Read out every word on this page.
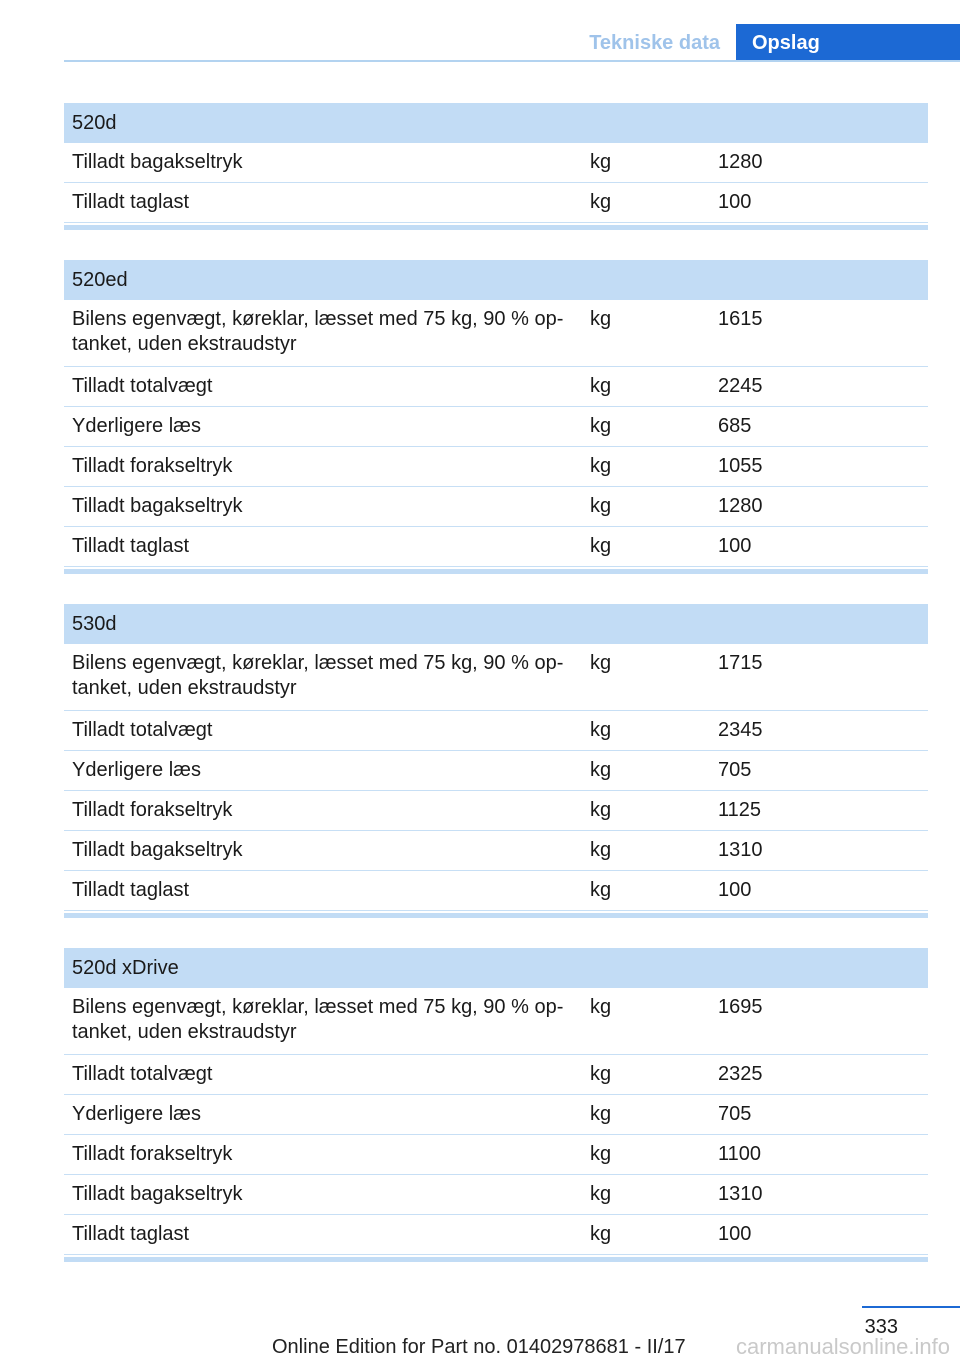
Tekniske data	Opslag
520d
Tilladt bagakseltryk	kg	1280
Tilladt taglast	kg	100
520ed
Bilens egenvægt, køreklar, læsset med 75 kg, 90 % op-
tanket, uden ekstraudstyr
kg	1615
Tilladt totalvægt	kg	2245
Yderligere læs	kg	685
Tilladt forakseltryk	kg	1055
Tilladt bagakseltryk	kg	1280
Tilladt taglast	kg	100
530d
Bilens egenvægt, køreklar, læsset med 75 kg, 90 % op-
tanket, uden ekstraudstyr
kg	1715
Tilladt totalvægt	kg	2345
Yderligere læs	kg	705
Tilladt forakseltryk	kg	1125
Tilladt bagakseltryk	kg	1310
Tilladt taglast	kg	100
520d xDrive
Bilens egenvægt, køreklar, læsset med 75 kg, 90 % op-
tanket, uden ekstraudstyr
kg	1695
Tilladt totalvægt	kg	2325
Yderligere læs	kg	705
Tilladt forakseltryk	kg	1100
Tilladt bagakseltryk	kg	1310
Tilladt taglast	kg	100
333
Online Edition for Part no. 01402978681 - II/17 carmanualsonline.info
